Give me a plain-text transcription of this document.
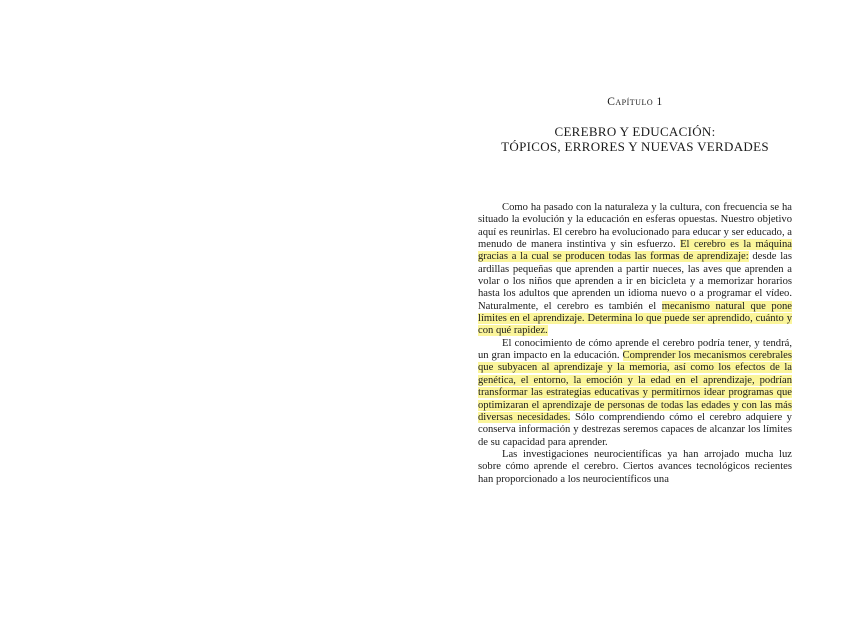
Capítulo 1

CEREBRO Y EDUCACIÓN:
TÓPICOS, ERRORES Y NUEVAS VERDADES

Como ha pasado con la naturaleza y la cultura, con frecuencia se ha situado la evolución y la educación en esferas opuestas. Nuestro objetivo aquí es reunirlas. El cerebro ha evolucionado para educar y ser educado, a menudo de manera instintiva y sin esfuerzo. El cerebro es la máquina gracias a la cual se producen todas las formas de aprendizaje: desde las ardillas pequeñas que aprenden a partir nueces, las aves que aprenden a volar o los niños que aprenden a ir en bicicleta y a memorizar horarios hasta los adultos que aprenden un idioma nuevo o a programar el vídeo. Naturalmente, el cerebro es también el mecanismo natural que pone límites en el aprendizaje. Determina lo que puede ser aprendido, cuánto y con qué rapidez.

El conocimiento de cómo aprende el cerebro podría tener, y tendrá, un gran impacto en la educación. Comprender los mecanismos cerebrales que subyacen al aprendizaje y la memoria, así como los efectos de la genética, el entorno, la emoción y la edad en el aprendizaje, podrían transformar las estrategias educativas y permitirnos idear programas que optimizaran el aprendizaje de personas de todas las edades y con las más diversas necesidades. Sólo comprendiendo cómo el cerebro adquiere y conserva información y destrezas seremos capaces de alcanzar los límites de su capacidad para aprender.

Las investigaciones neurocientíficas ya han arrojado mucha luz sobre cómo aprende el cerebro. Ciertos avances tecnológicos recientes han proporcionado a los neurocientíficos una
